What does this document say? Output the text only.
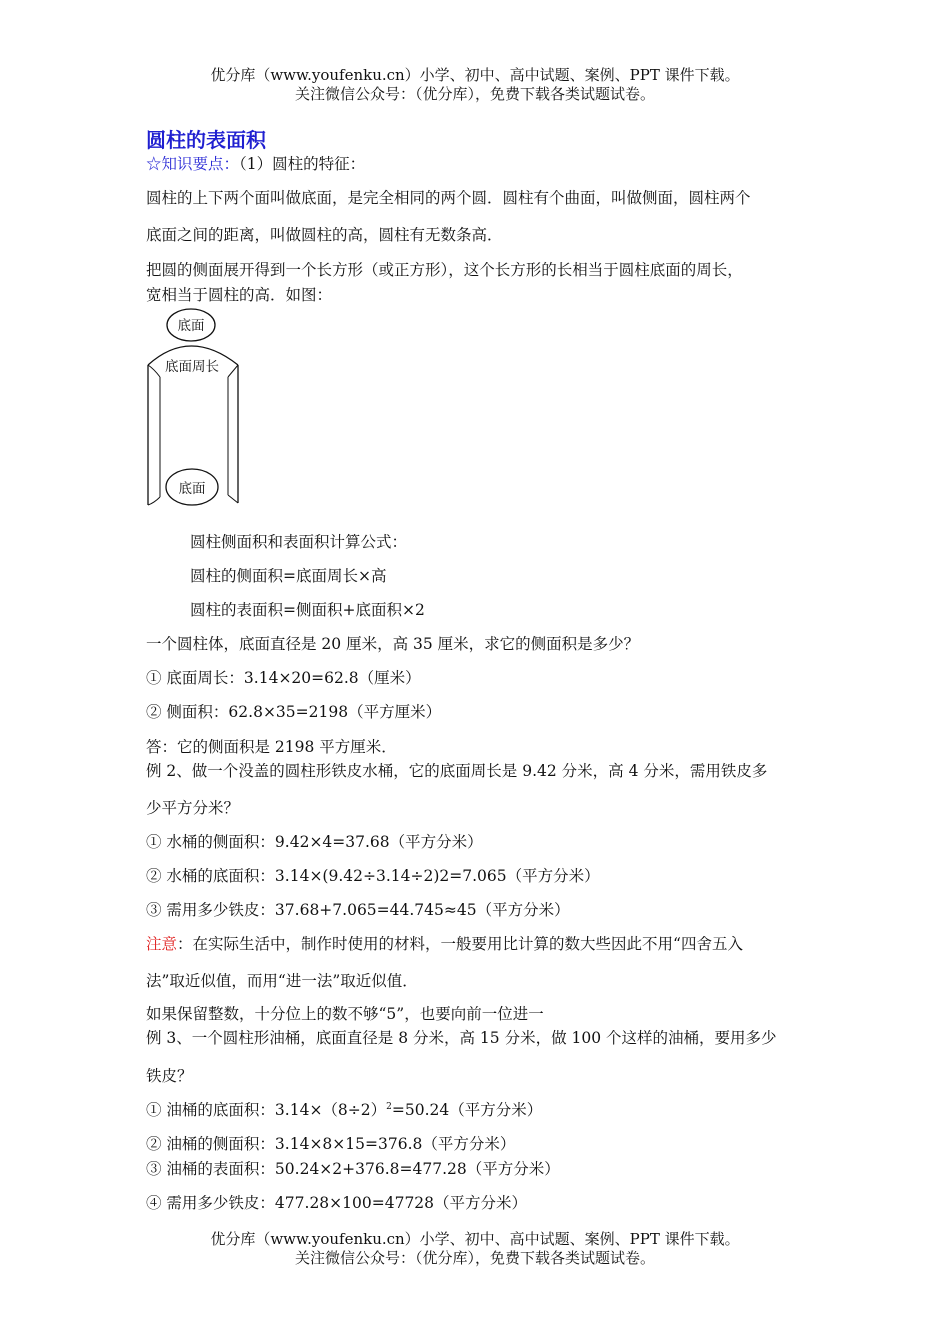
优分库（www.youfenku.cn）小学、初中、高中试题、案例、PPT 课件下载。
关注微信公众号：（优分库），免费下载各类试题试卷。
圆柱的表面积
☆知识要点：（1）圆柱的特征：
圆柱的上下两个面叫做底面，是完全相同的两个圆．圆柱有个曲面，叫做侧面，圆柱两个
底面之间的距离，叫做圆柱的高，圆柱有无数条高．
把圆的侧面展开得到一个长方形（或正方形），这个长方形的长相当于圆柱底面的周长，
宽相当于圆柱的高．如图：
底面
底面周长
底面
圆柱侧面积和表面积计算公式：
圆柱的侧面积=底面周长×高
圆柱的表面积=侧面积+底面积×2
一个圆柱体，底面直径是 20 厘米，高 35 厘米，求它的侧面积是多少？
① 底面周长：3.14×20=62.8（厘米）
② 侧面积：62.8×35=2198（平方厘米）
答：它的侧面积是 2198 平方厘米．
例 2、做一个没盖的圆柱形铁皮水桶，它的底面周长是 9.42 分米，高 4 分米，需用铁皮多
少平方分米？
① 水桶的侧面积：9.42×4=37.68（平方分米）
② 水桶的底面积：3.14×(9.42÷3.14÷2)2=7.065（平方分米）
③ 需用多少铁皮：37.68+7.065=44.745≈45（平方分米）
注意：在实际生活中，制作时使用的材料，一般要用比计算的数大些因此不用“四舍五入
法”取近似值，而用“进一法”取近似值．
如果保留整数，十分位上的数不够“5”，也要向前一位进一
例 3、一个圆柱形油桶，底面直径是 8 分米，高 15 分米，做 100 个这样的油桶，要用多少
铁皮？
① 油桶的底面积：$3.14\times(8\div 2)^2=50.24$（平方分米）
② 油桶的侧面积：3.14×8×15=376.8（平方分米）
③ 油桶的表面积：50.24×2+376.8=477.28（平方分米）
④ 需用多少铁皮：477.28×100=47728（平方分米）
优分库（www.youfenku.cn）小学、初中、高中试题、案例、PPT 课件下载。
关注微信公众号：（优分库），免费下载各类试题试卷。
